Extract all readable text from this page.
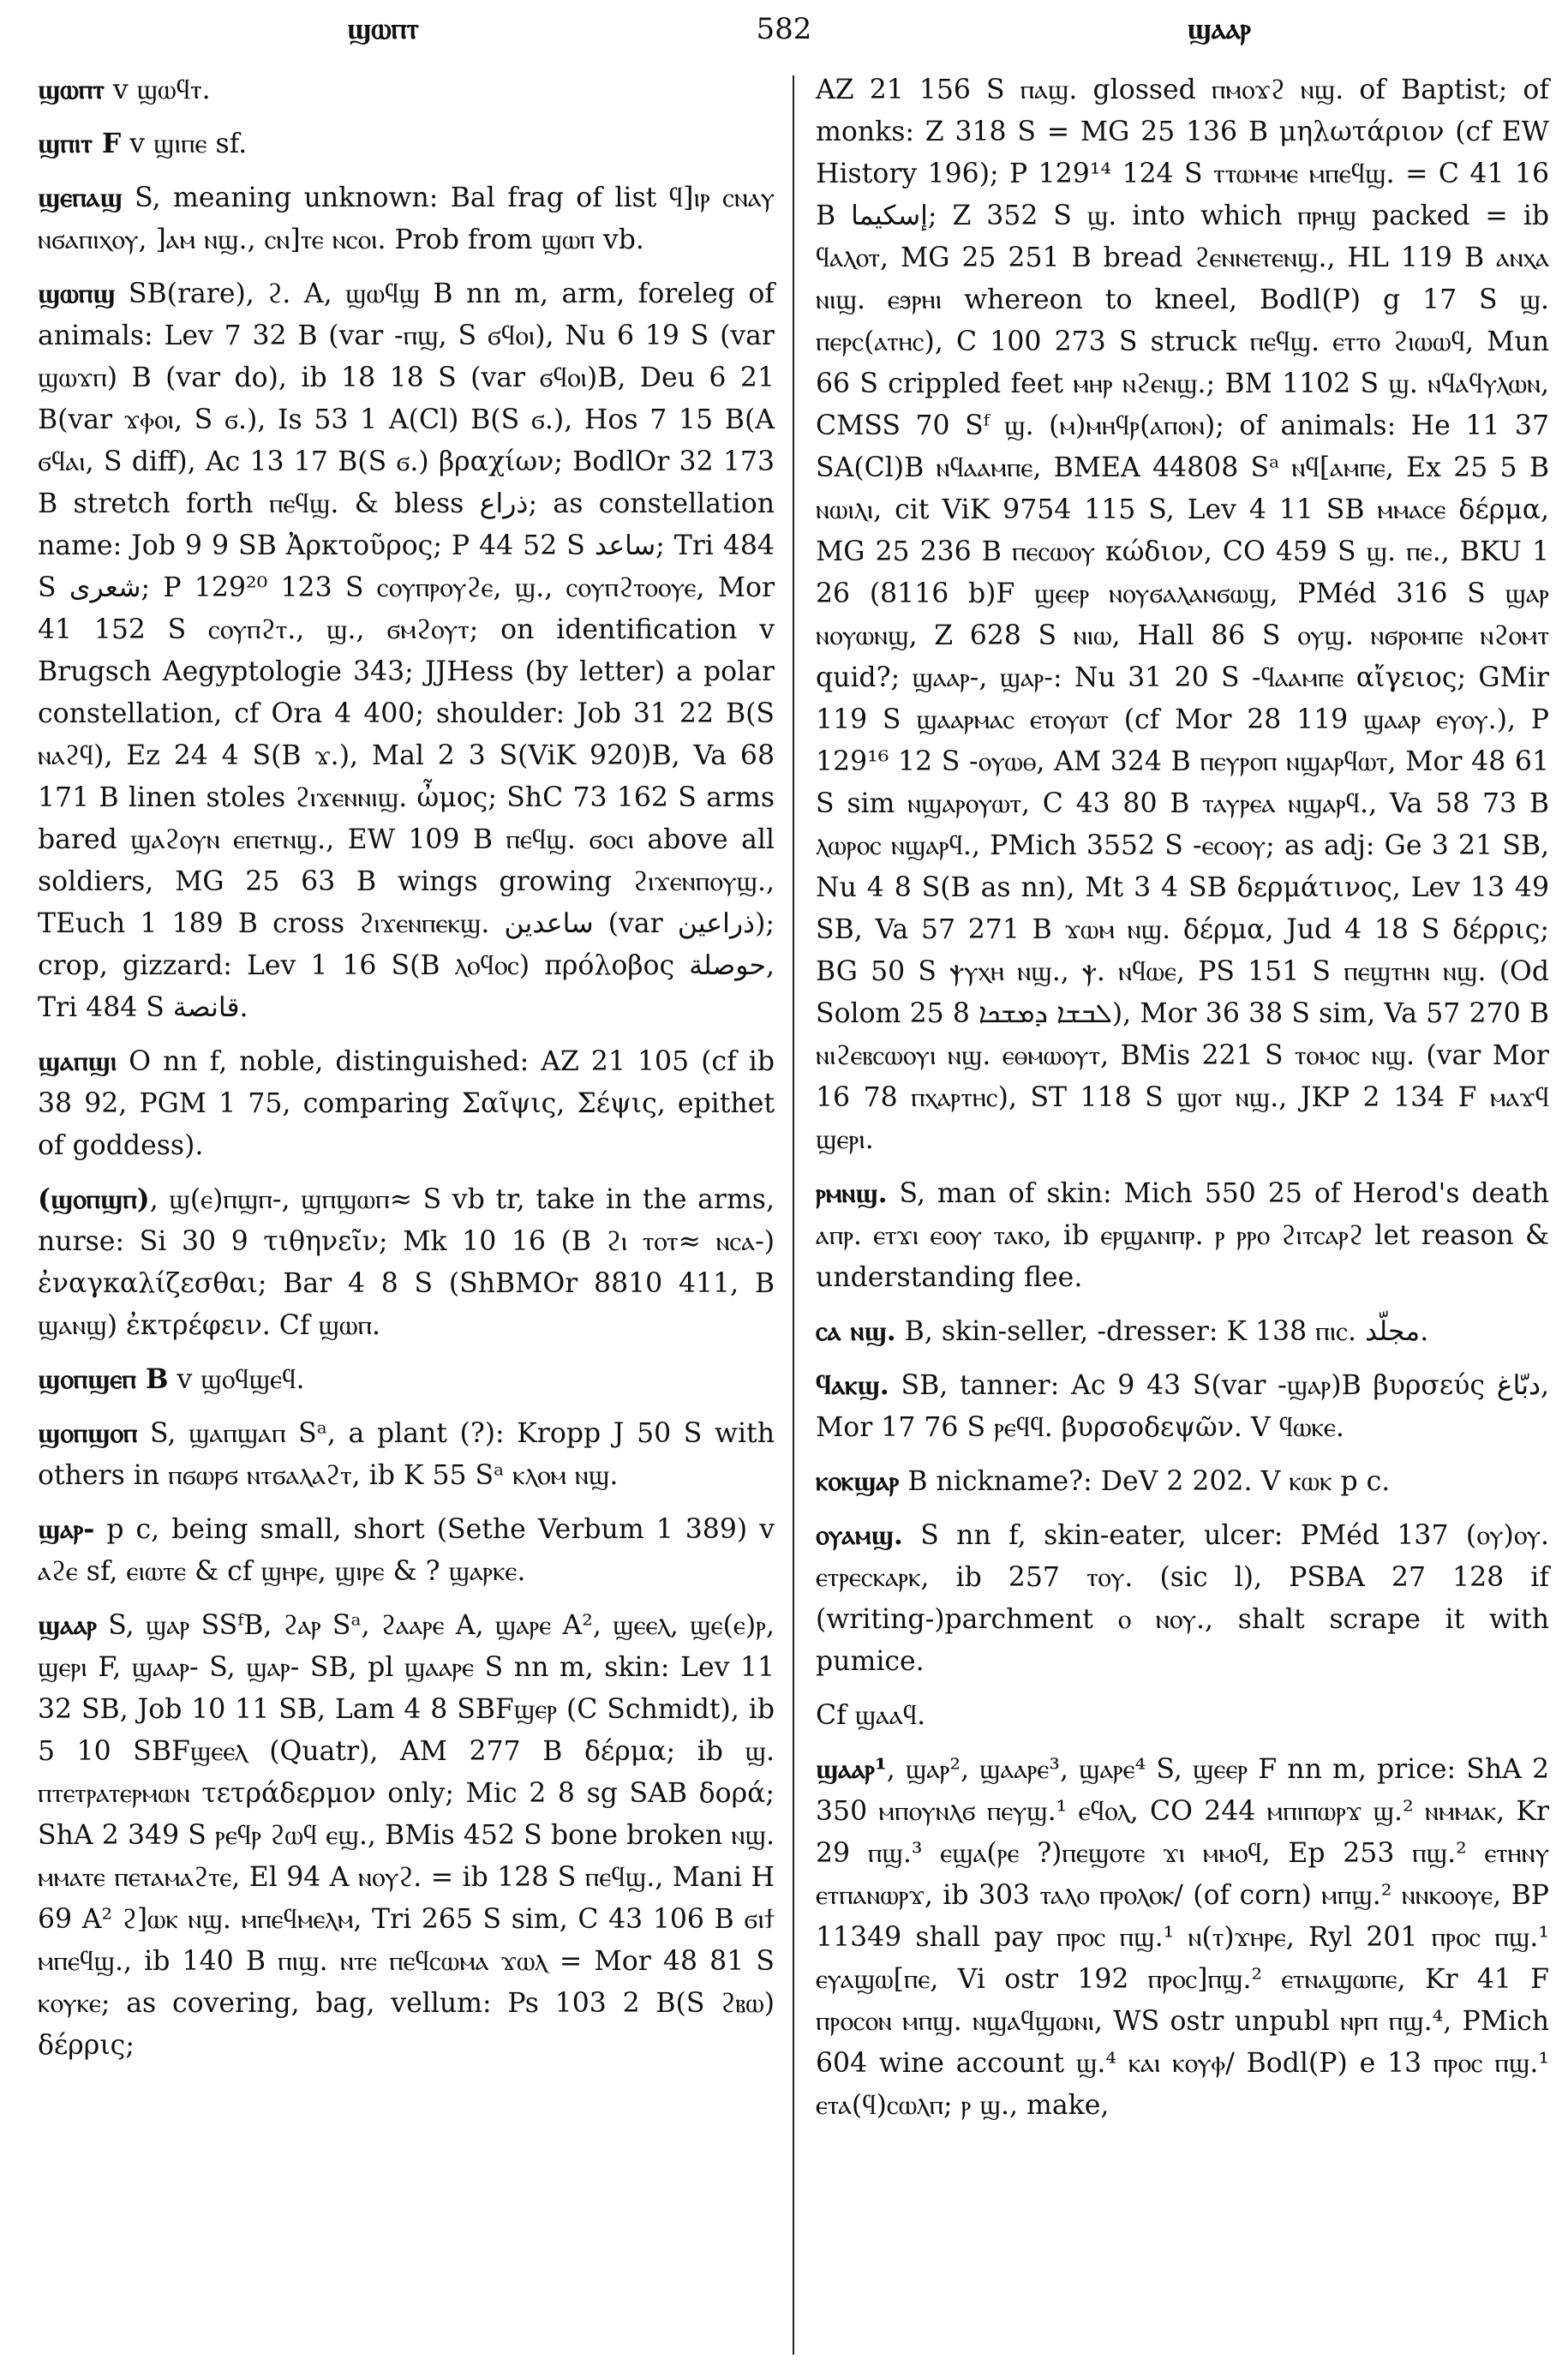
ϣⲱⲡⲧ	582	ϣⲁⲁⲣ

ϣⲱⲡⲧ v ϣⲱϥⲧ.

ϣⲡⲓⲧ F v ϣⲓⲡⲉ sf.

ϣⲉⲡⲁϣ S, meaning unknown: Bal frag of list ϥ]ⲓⲣ ⲥⲛⲁⲩ ⲛϭⲁⲡⲓⲭⲟⲩ, ]ⲁⲙ ⲛϣ., ⲥⲛ]ⲧⲉ ⲛⲥⲟⲓ. Prob from ϣⲱⲡ vb.

ϣⲱⲡϣ SB(rare), ϩ. A, ϣⲱϥϣ B nn m, arm, foreleg of animals: Lev 7 32 B (var -ⲡϣ, S ϭϥⲟⲓ), Nu 6 19 S (var ϣⲱϫⲡ) B (var do), ib 18 18 S (var ϭϥⲟⲓ)B, Deu 6 21 B(var ϫⲫⲟⲓ, S ϭ.), Is 53 1 A(Cl) B(S ϭ.), Hos 7 15 B(A ϭϥⲁⲓ, S diff), Ac 13 17 B(S ϭ.) βραχίων; BodlOr 32 173 B stretch forth ⲡⲉϥϣ. & bless ذراع; as constellation name: Job 9 9 SB Ἀρκτοῦρος; P 44 52 S ساعد; Tri 484 S شعرى; P 129²⁰ 123 S ⲥⲟⲩⲡⲣⲟⲩϩⲉ, ϣ., ⲥⲟⲩⲡϩⲧⲟⲟⲩⲉ, Mor 41 152 S ⲥⲟⲩⲡϩⲧ., ϣ., ϭⲙϩⲟⲩⲧ; on identification v Brugsch Aegyptologie 343; JJHess (by letter) a polar constellation, cf Ora 4 400; shoulder: Job 31 22 B(S ⲛⲁϩϥ), Ez 24 4 S(B ϫ.), Mal 2 3 S(ViK 920)B, Va 68 171 B linen stoles ϩⲓϫⲉⲛⲛⲓϣ. ὦμος; ShC 73 162 S arms bared ϣⲁϩⲟⲩⲛ ⲉⲡⲉⲧⲛϣ., EW 109 B ⲡⲉϥϣ. ϭⲟⲥⲓ above all soldiers, MG 25 63 B wings growing ϩⲓϫⲉⲛⲡⲟⲩϣ., TEuch 1 189 B cross ϩⲓϫⲉⲛⲡⲉⲕϣ. ساعدين (var ذراعين); crop, gizzard: Lev 1 16 S(B ⲗⲟϥⲟⲥ) πρόλοβος حوصلة, Tri 484 S قانصة.

ϣⲁⲡϣⲓ O nn f, noble, distinguished: AZ 21 105 (cf ib 38 92, PGM 1 75, comparing Σαῖψις, Σέψις, epithet of goddess).

(ϣⲟⲡϣⲡ), ϣ(ⲉ)ⲡϣⲡ-, ϣⲡϣⲱⲡ≈ S vb tr, take in the arms, nurse: Si 30 9 τιθηνεῖν; Mk 10 16 (B ϩⲓ ⲧⲟⲧ≈ ⲛⲥⲁ-) ἐναγκαλίζεσθαι; Bar 4 8 S (ShBMOr 8810 411, B ϣⲁⲛϣ) ἐκτρέφειν. Cf ϣⲱⲡ.

ϣⲟⲡϣⲉⲡ B v ϣⲟϥϣⲉϥ.

ϣⲟⲡϣⲟⲡ S, ϣⲁⲡϣⲁⲡ Sᵃ, a plant (?): Kropp J 50 S with others in ⲡϭⲱⲣϭ ⲛⲧϭⲁⲗⲁϩⲧ, ib K 55 Sᵃ ⲕⲗⲟⲙ ⲛϣ.

ϣⲁⲣ- p c, being small, short (Sethe Verbum 1 389) v ⲁϩⲉ sf, ⲉⲓⲱⲧⲉ & cf ϣⲏⲣⲉ, ϣⲓⲣⲉ & ? ϣⲁⲣⲕⲉ.

ϣⲁⲁⲣ S, ϣⲁⲣ SSᶠB, ϩⲁⲣ Sᵃ, ϩⲁⲁⲣⲉ A, ϣⲁⲣⲉ A², ϣⲉⲉⲗ, ϣⲉ(ⲉ)ⲣ, ϣⲉⲣⲓ F, ϣⲁⲁⲣ- S, ϣⲁⲣ- SB, pl ϣⲁⲁⲣⲉ S nn m, skin: Lev 11 32 SB, Job 10 11 SB, Lam 4 8 SBFϣⲉⲣ (C Schmidt), ib 5 10 SBFϣⲉⲉⲗ (Quatr), AM 277 B δέρμα; ib ϣ. ⲡⲧⲉⲧⲣⲁⲧⲉⲣⲙⲱⲛ τετράδερμον only; Mic 2 8 sg SAB δορά; ShA 2 349 S ⲣⲉϥⲣ ϩⲱϥ ⲉϣ., BMis 452 S bone broken ⲛϣ. ⲙⲙⲁⲧⲉ ⲡⲉⲧⲁⲙⲁϩⲧⲉ, El 94 A ⲛⲟⲩϩ. = ib 128 S ⲡⲉϥϣ., Mani H 69 A² ϩ]ⲱⲕ ⲛϣ. ⲙⲡⲉϥⲙⲉⲗⲙ, Tri 265 S sim, C 43 106 B ϭⲓϯ ⲙⲡⲉϥϣ., ib 140 B ⲡⲓϣ. ⲛⲧⲉ ⲡⲉϥⲥⲱⲙⲁ ϫⲱⲗ = Mor 48 81 S ⲕⲟⲩⲕⲉ; as covering, bag, vellum: Ps 103 2 B(S ϩⲃⲱ) δέρρις;

AZ 21 156 S ⲡⲁϣ. glossed ⲡⲙⲟϫϩ ⲛϣ. of Baptist; of monks: Z 318 S = MG 25 136 B μηλωτάριον (cf EW History 196); P 129¹⁴ 124 S ⲧⲧⲱⲙⲙⲉ ⲙⲡⲉϥϣ. = C 41 16 B إسكيما; Z 352 S ϣ. into which ⲡⲣⲏϣ packed = ib ϥⲁⲗⲟⲧ, MG 25 251 B bread ϩⲉⲛⲛⲉⲧⲉⲛϣ., HL 119 B ⲁⲛⲭⲁ ⲛⲓϣ. ⲉϧⲣⲏⲓ whereon to kneel, Bodl(P) g 17 S ϣ. ⲡⲉⲣⲥ(ⲁⲧⲏⲥ), C 100 273 S struck ⲡⲉϥϣ. ⲉⲧⲧⲟ ϩⲓⲱⲱϥ, Mun 66 S crippled feet ⲙⲏⲣ ⲛϩⲉⲛϣ.; BM 1102 S ϣ. ⲛϥⲁϥⲩⲗⲱⲛ, CMSS 70 Sᶠ ϣ. (ⲙ)ⲙⲏϥⲣ(ⲁⲡⲟⲛ); of animals: He 11 37 SA(Cl)B ⲛϥⲁⲁⲙⲡⲉ, BMEA 44808 Sᵃ ⲛϥ[ⲁⲙⲡⲉ, Ex 25 5 B ⲛⲱⲓⲗⲓ, cit ViK 9754 115 S, Lev 4 11 SB ⲙⲙⲁⲥⲉ δέρμα, MG 25 236 B ⲡⲉⲥⲱⲟⲩ κώδιον, CO 459 S ϣ. ⲡⲉ., BKU 1 26 (8116 b)F ϣⲉⲉⲣ ⲛⲟⲩϭⲁⲗⲁⲛϭⲱϣ, PMéd 316 S ϣⲁⲣ ⲛⲟⲩⲱⲛϣ, Z 628 S ⲛⲓⲱ, Hall 86 S ⲟⲩϣ. ⲛϭⲣⲟⲙⲡⲉ ⲛϩⲟⲙⲧ quid?; ϣⲁⲁⲣ-, ϣⲁⲣ-: Nu 31 20 S -ϥⲁⲁⲙⲡⲉ αἴγειος; GMir 119 S ϣⲁⲁⲣⲙⲁⲥ ⲉⲧⲟⲩⲱⲧ (cf Mor 28 119 ϣⲁⲁⲣ ⲉⲩⲟⲩ.), P 129¹⁶ 12 S -ⲟⲩⲱⲑ, AM 324 B ⲡⲉⲩⲣⲟⲡ ⲛϣⲁⲣϥⲱⲧ, Mor 48 61 S sim ⲛϣⲁⲣⲟⲩⲱⲧ, C 43 80 B ⲧⲁⲩⲣⲉⲁ ⲛϣⲁⲣϥ., Va 58 73 B ⲗⲱⲣⲟⲥ ⲛϣⲁⲣϥ., PMich 3552 S -ⲉⲥⲟⲟⲩ; as adj: Ge 3 21 SB, Nu 4 8 S(B as nn), Mt 3 4 SB δερμάτινος, Lev 13 49 SB, Va 57 271 B ϫⲱⲙ ⲛϣ. δέρμα, Jud 4 18 S δέρρις; BG 50 S ⲯⲩⲭⲏ ⲛϣ., ⲯ. ⲛϥⲱⲉ, PS 151 S ⲡⲉϣⲧⲏⲛ ⲛϣ. (Od Solom 25 8 ܠܒܫܐ ܕܡܫܟܐ), Mor 36 38 S sim, Va 57 270 B ⲛⲓϩⲉⲃⲥⲱⲟⲩⲓ ⲛϣ. ⲉⲑⲙⲱⲟⲩⲧ, BMis 221 S ⲧⲟⲙⲟⲥ ⲛϣ. (var Mor 16 78 ⲡⲭⲁⲣⲧⲏⲥ), ST 118 S ϣⲟⲧ ⲛϣ., JKP 2 134 F ⲙⲁϫϥ ϣⲉⲣⲓ.

ⲣⲙⲛϣ. S, man of skin: Mich 550 25 of Herod's death ⲁⲡⲣ. ⲉⲧϫⲓ ⲉⲟⲟⲩ ⲧⲁⲕⲟ, ib ⲉⲣϣⲁⲛⲡⲣ. ⲣ ⲣⲣⲟ ϩⲓⲧⲥⲁⲣϩ let reason & understanding flee.

ⲥⲁ ⲛϣ. B, skin-seller, -dresser: K 138 ⲡⲓⲥ. مجلّد.

ϥⲁⲕϣ. SB, tanner: Ac 9 43 S(var -ϣⲁⲣ)B βυρσεύς دبّاغ, Mor 17 76 S ⲣⲉϥϥ. βυρσοδεψῶν. V ϥⲱⲕⲉ.

ⲕⲟⲕϣⲁⲣ B nickname?: DeV 2 202. V ⲕⲱⲕ p c.

ⲟⲩⲁⲙϣ. S nn f, skin-eater, ulcer: PMéd 137 (ⲟⲩ)ⲟⲩ. ⲉⲧⲣⲉⲥⲕⲁⲣⲕ, ib 257 ⲧⲟⲩ. (sic l), PSBA 27 128 if (writing-)parchment ⲟ ⲛⲟⲩ., shalt scrape it with pumice.

Cf ϣⲁⲁϥ.

ϣⲁⲁⲣ¹, ϣⲁⲣ², ϣⲁⲁⲣⲉ³, ϣⲁⲣⲉ⁴ S, ϣⲉⲉⲣ F nn m, price: ShA 2 350 ⲙⲡⲟⲩⲛⲗϭ ⲡⲉⲩϣ.¹ ⲉϥⲟⲗ, CO 244 ⲙⲡⲓⲡⲱⲣϫ ϣ.² ⲛⲙⲙⲁⲕ, Kr 29 ⲡϣ.³ ⲉϣⲁ(ⲣⲉ ?)ⲡⲉϣⲟⲧⲉ ϫⲓ ⲙⲙⲟϥ, Ep 253 ⲡϣ.² ⲉⲧⲏⲛⲩ ⲉⲧⲡⲁⲛⲱⲣϫ, ib 303 ⲧⲁⲗⲟ ⲡⲣⲟⲗⲟⲕ/ (of corn) ⲙⲡϣ.² ⲛⲛⲕⲟⲟⲩⲉ, BP 11349 shall pay ⲡⲣⲟⲥ ⲡϣ.¹ ⲛ(ⲧ)ϫⲏⲣⲉ, Ryl 201 ⲡⲣⲟⲥ ⲡϣ.¹ ⲉⲩⲁϣⲱ[ⲡⲉ, Vi ostr 192 ⲡⲣⲟⲥ]ⲡϣ.² ⲉⲧⲛⲁϣⲱⲡⲉ, Kr 41 F ⲡⲣⲟⲥⲟⲛ ⲙⲡϣ. ⲛϣⲁϥϣⲱⲛⲓ, WS ostr unpubl ⲛⲣⲡ ⲡϣ.⁴, PMich 604 wine account ϣ.⁴ ⲕⲁⲓ ⲕⲟⲩⲫ/ Bodl(P) e 13 ⲡⲣⲟⲥ ⲡϣ.¹ ⲉⲧⲁ(ϥ)ⲥⲱⲗⲡ; ⲣ ϣ., make,
